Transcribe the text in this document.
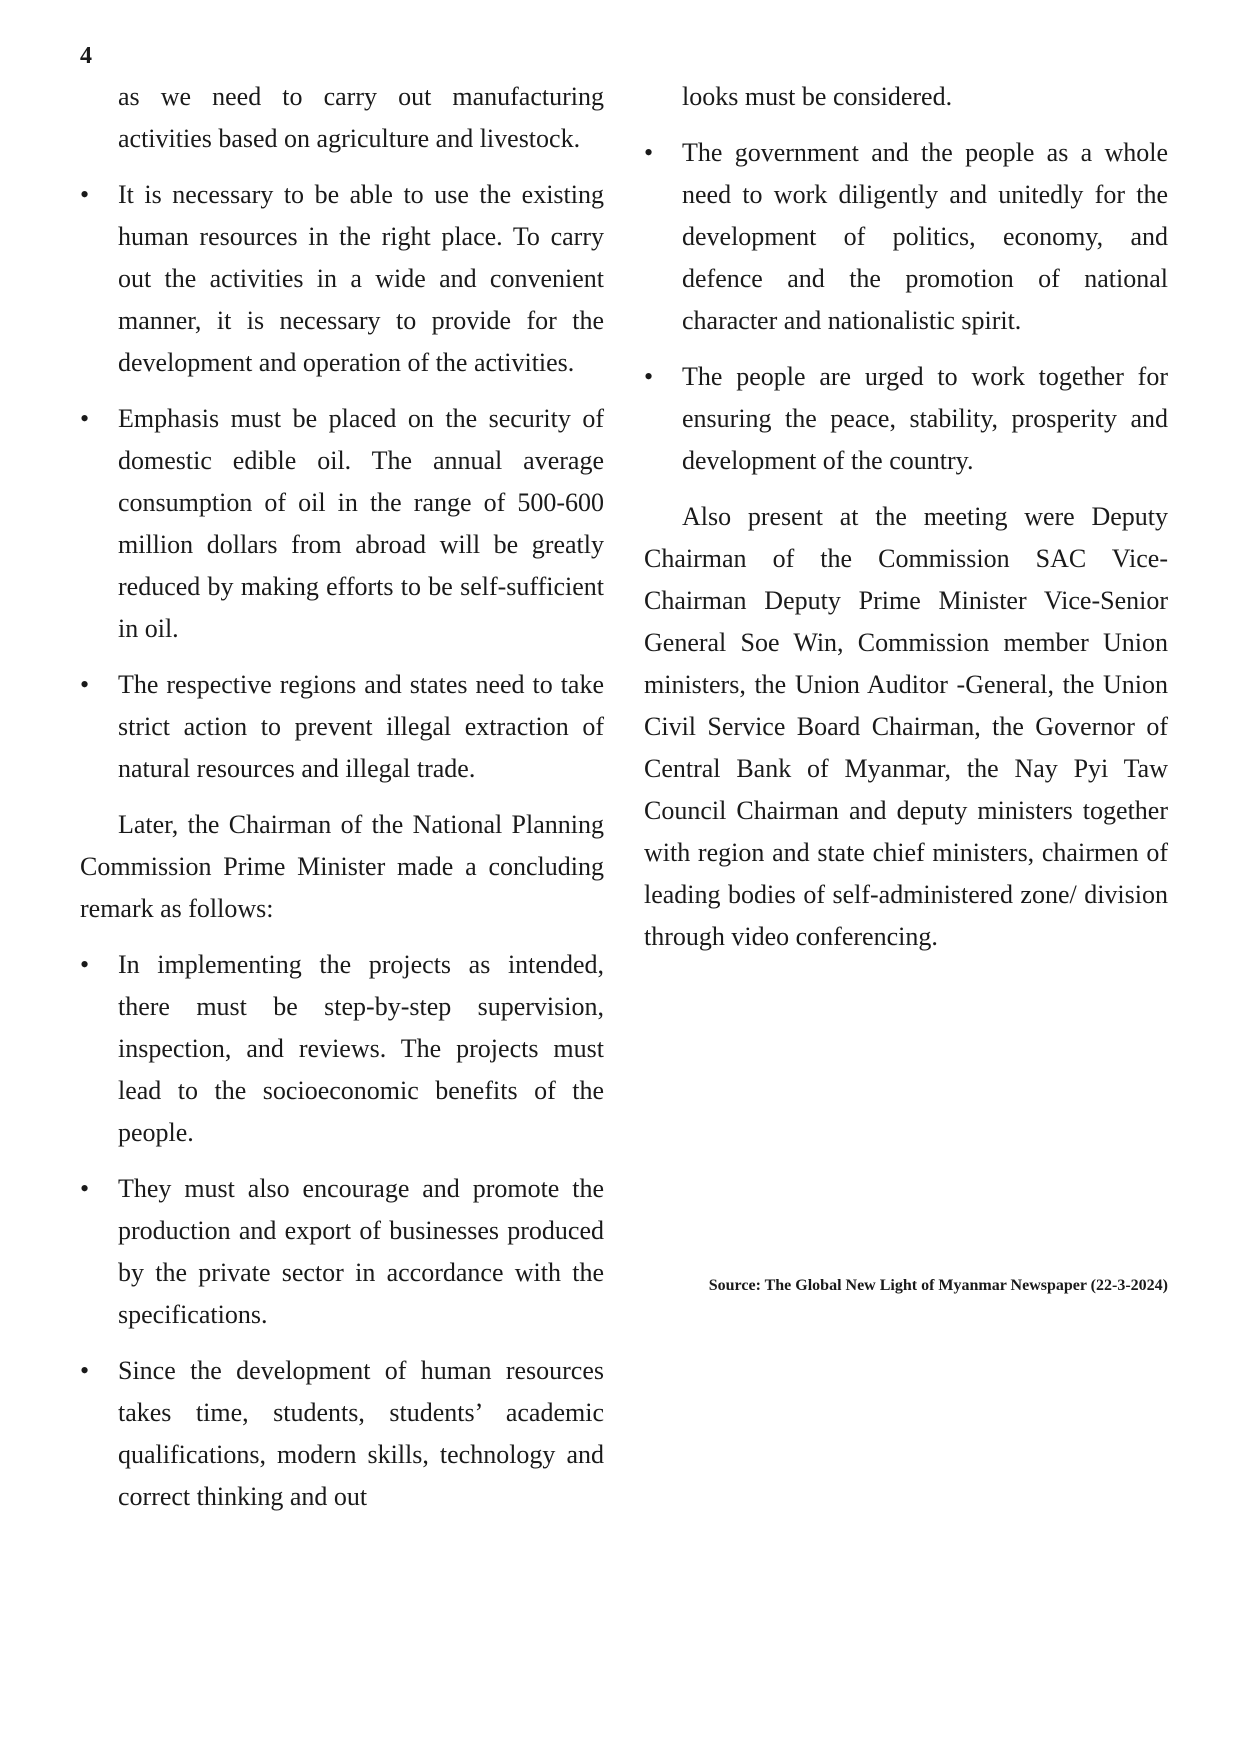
4

as we need to carry out manufacturing activities based on agriculture and livestock.

• It is necessary to be able to use the existing human resources in the right place. To carry out the activities in a wide and convenient manner, it is necessary to provide for the development and operation of the activities.

• Emphasis must be placed on the security of domestic edible oil. The annual average consumption of oil in the range of 500-600 million dollars from abroad will be greatly reduced by making efforts to be self-sufficient in oil.

• The respective regions and states need to take strict action to prevent illegal extraction of natural resources and illegal trade.

Later, the Chairman of the National Planning Commission Prime Minister made a concluding remark as follows:

• In implementing the projects as intended, there must be step-by-step supervision, inspection, and reviews. The projects must lead to the socioeconomic benefits of the people.

• They must also encourage and promote the production and export of businesses produced by the private sector in accordance with the specifications.

• Since the development of human resources takes time, students, students’ academic qualifications, modern skills, technology and correct thinking and out

looks must be considered.

• The government and the people as a whole need to work diligently and unitedly for the development of politics, economy, and defence and the promotion of national character and nationalistic spirit.

• The people are urged to work together for ensuring the peace, stability, prosperity and development of the country.

Also present at the meeting were Deputy Chairman of the Commission SAC Vice-Chairman Deputy Prime Minister Vice-Senior General Soe Win, Commission member Union ministers, the Union Auditor -General, the Union Civil Service Board Chairman, the Governor of Central Bank of Myanmar, the Nay Pyi Taw Council Chairman and deputy ministers together with region and state chief ministers, chairmen of leading bodies of self-administered zone/ division through video conferencing.

Source: The Global New Light of Myanmar Newspaper (22-3-2024)
